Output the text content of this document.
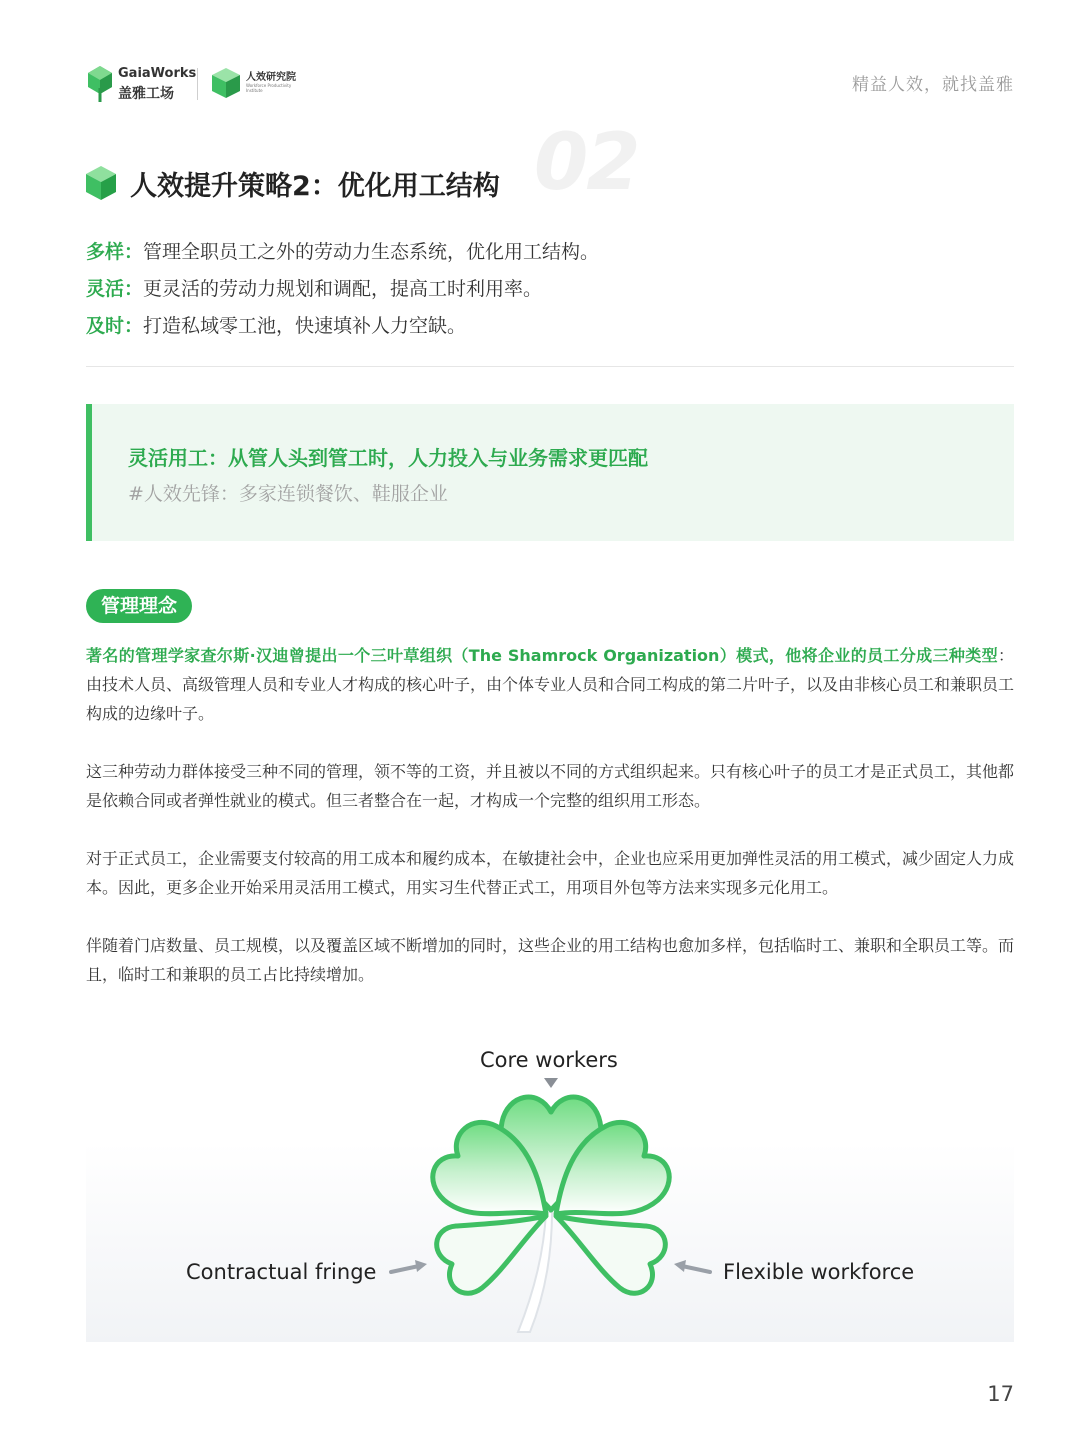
GaiaWorks
盖雅工场
人效研究院
Workforce Productivity Institute	精益人效，就找盖雅
02
人效提升策略2：优化用工结构
多样：管理全职员工之外的劳动力生态系统，优化用工结构。
灵活：更灵活的劳动力规划和调配，提高工时利用率。
及时：打造私域零工池，快速填补人力空缺。
灵活用工：从管人头到管工时，人力投入与业务需求更匹配
#人效先锋：多家连锁餐饮、鞋服企业
管理理念

著名的管理学家查尔斯·汉迪曾提出一个三叶草组织（The Shamrock Organization）模式，他将企业的员工分成三种类型：由技术人员、高级管理人员和专业人才构成的核心叶子，由个体专业人员和合同工构成的第二片叶子，以及由非核心员工和兼职员工构成的边缘叶子。

这三种劳动力群体接受三种不同的管理，领不等的工资，并且被以不同的方式组织起来。只有核心叶子的员工才是正式员工，其他都是依赖合同或者弹性就业的模式。但三者整合在一起，才构成一个完整的组织用工形态。

对于正式员工，企业需要支付较高的用工成本和履约成本，在敏捷社会中，企业也应采用更加弹性灵活的用工模式，减少固定人力成本。因此，更多企业开始采用灵活用工模式，用实习生代替正式工，用项目外包等方法来实现多元化用工。

伴随着门店数量、员工规模，以及覆盖区域不断增加的同时，这些企业的用工结构也愈加多样，包括临时工、兼职和全职员工等。而且，临时工和兼职的员工占比持续增加。

Core workers
Contractual fringe	Flexible workforce
17
